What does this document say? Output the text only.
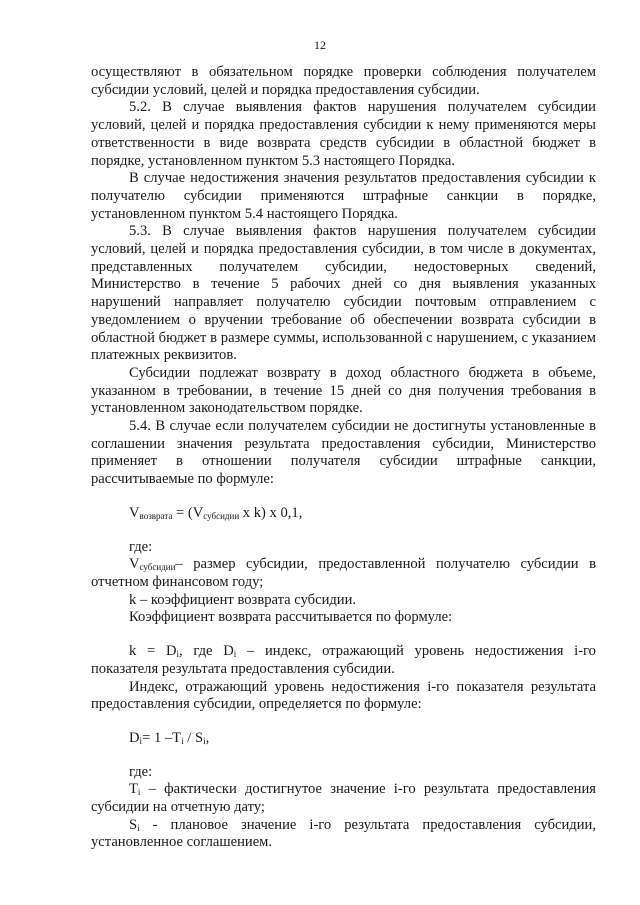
12

осуществляют в обязательном порядке проверки соблюдения получателем субсидии условий, целей и порядка предоставления субсидии.

5.2. В случае выявления фактов нарушения получателем субсидии условий, целей и порядка предоставления субсидии к нему применяются меры ответственности в виде возврата средств субсидии в областной бюджет в порядке, установленном пунктом 5.3 настоящего Порядка.

В случае недостижения значения результатов предоставления субсидии к получателю субсидии применяются штрафные санкции в порядке, установленном пунктом 5.4 настоящего Порядка.

5.3. В случае выявления фактов нарушения получателем субсидии условий, целей и порядка предоставления субсидии, в том числе в документах, представленных получателем субсидии, недостоверных сведений, Министерство в течение 5 рабочих дней со дня выявления указанных нарушений направляет получателю субсидии почтовым отправлением с уведомлением о вручении требование об обеспечении возврата субсидии в областной бюджет в размере суммы, использованной с нарушением, с указанием платежных реквизитов.

Субсидии подлежат возврату в доход областного бюджета в объеме, указанном в требовании, в течение 15 дней со дня получения требования в установленном законодательством порядке.

5.4. В случае если получателем субсидии не достигнуты установленные в соглашении значения результата предоставления субсидии, Министерство применяет в отношении получателя субсидии штрафные санкции, рассчитываемые по формуле:

$V_{возврата} = (V_{субсидии}$ x k) x 0,1,

где:

$V_{субсидии}-$ размер субсидии, предоставленной получателю субсидии в отчетном финансовом году;

k – коэффициент возврата субсидии.

Коэффициент возврата рассчитывается по формуле:

$k = D_i$, где $D_i$ – индекс, отражающий уровень недостижения i-го показателя результата предоставления субсидии.

Индекс, отражающий уровень недостижения i-го показателя результата предоставления субсидии, определяется по формуле:

$D_i= 1$ $-T_i / S_i$,

где:

$T_i$ – фактически достигнутое значение i-го результата предоставления субсидии на отчетную дату;

$S_i$ - плановое значение i-го результата предоставления субсидии, установленное соглашением.
